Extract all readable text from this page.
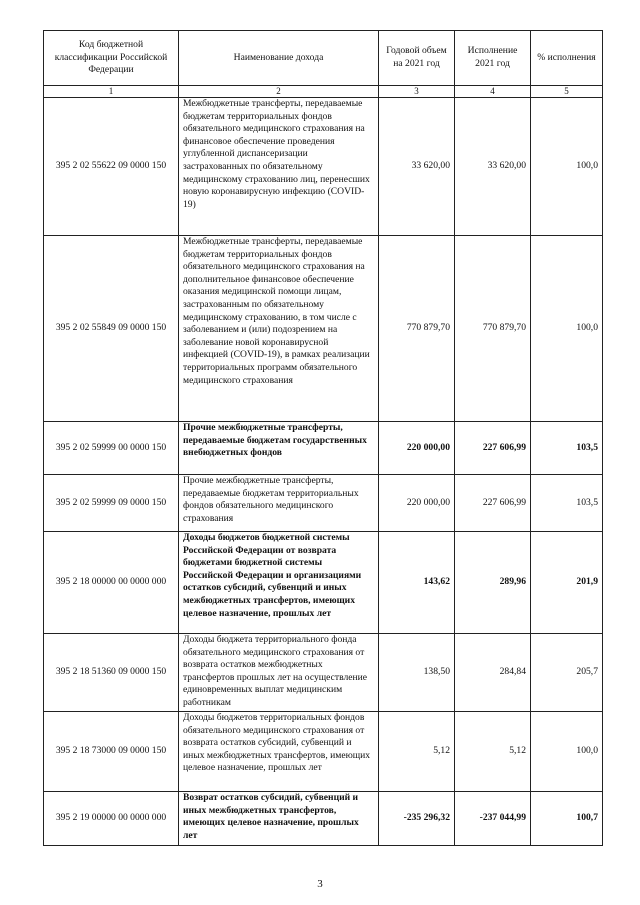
Код бюджетной классификации Российской Федерации	Наименование дохода	Годовой объем на 2021 год	Исполнение 2021 год	% исполнения
1	2	3	4	5
395 2 02 55622 09 0000 150	Межбюджетные трансферты, передаваемые бюджетам территориальных фондов обязательного медицинского страхования на финансовое обеспечение проведения углубленной диспансеризации застрахованных по обязательному медицинскому страхованию лиц, перенесших новую коронавирусную инфекцию (COVID-19)	33 620,00	33 620,00	100,0
395 2 02 55849 09 0000 150	Межбюджетные трансферты, передаваемые бюджетам территориальных фондов обязательного медицинского страхования на дополнительное финансовое обеспечение оказания медицинской помощи лицам, застрахованным по обязательному медицинскому страхованию, в том числе с заболеванием и (или) подозрением на заболевание новой коронавирусной инфекцией (COVID-19), в рамках реализации территориальных программ обязательного медицинского страхования	770 879,70	770 879,70	100,0
395 2 02 59999 00 0000 150	Прочие межбюджетные трансферты, передаваемые бюджетам государственных внебюджетных фондов	220 000,00	227 606,99	103,5
395 2 02 59999 09 0000 150	Прочие межбюджетные трансферты, передаваемые бюджетам территориальных фондов обязательного медицинского страхования	220 000,00	227 606,99	103,5
395 2 18 00000 00 0000 000	Доходы бюджетов бюджетной системы Российской Федерации от возврата бюджетами бюджетной системы Российской Федерации и организациями остатков субсидий, субвенций и иных межбюджетных трансфертов, имеющих целевое назначение, прошлых лет	143,62	289,96	201,9
395 2 18 51360 09 0000 150	Доходы бюджета территориального фонда обязательного медицинского страхования от возврата остатков межбюджетных трансфертов прошлых лет на осуществление единовременных выплат медицинским работникам	138,50	284,84	205,7
395 2 18 73000 09 0000 150	Доходы бюджетов территориальных фондов обязательного медицинского страхования от возврата остатков субсидий, субвенций и иных межбюджетных трансфертов, имеющих целевое назначение, прошлых лет	5,12	5,12	100,0
395 2 19 00000 00 0000 000	Возврат остатков субсидий, субвенций и иных межбюджетных трансфертов, имеющих целевое назначение, прошлых лет	-235 296,32	-237 044,99	100,7
3
